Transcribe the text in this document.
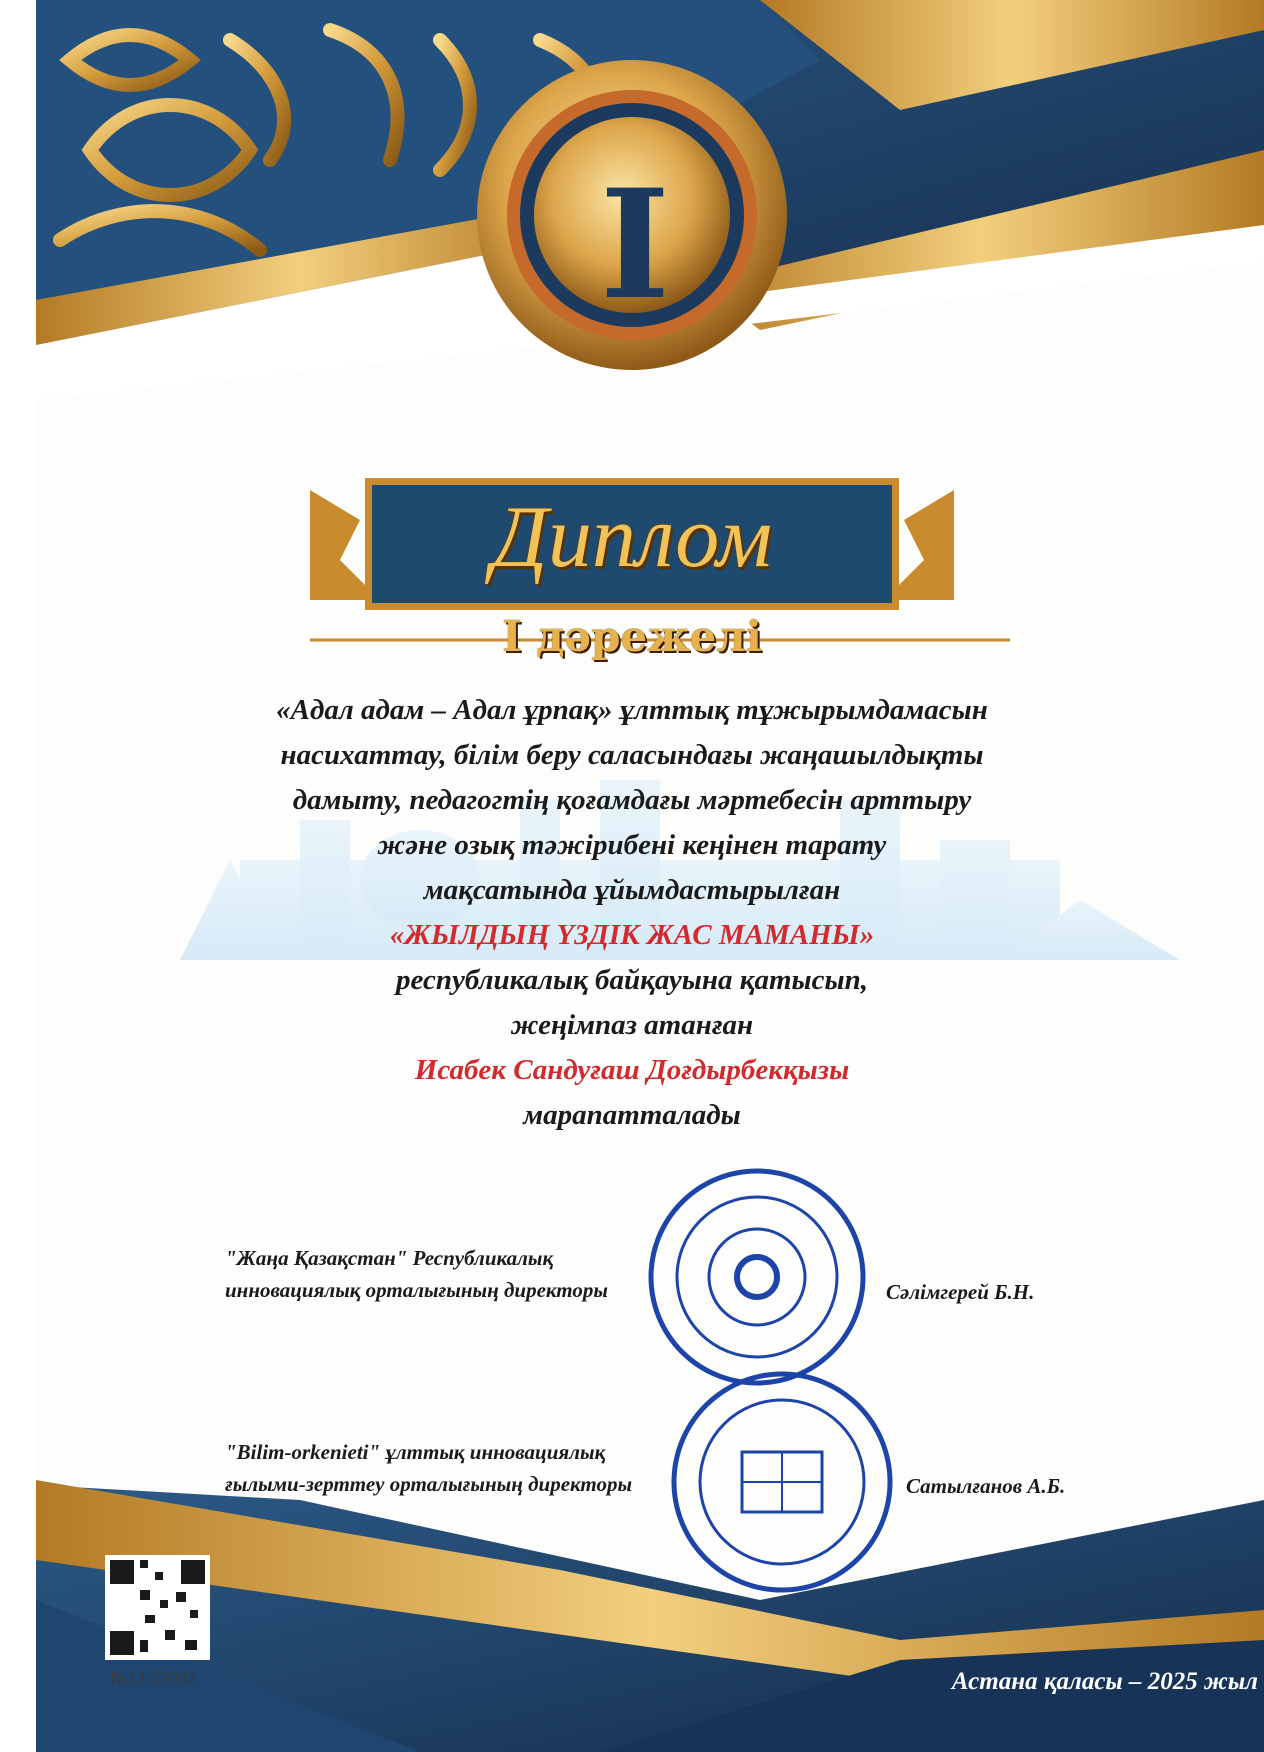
I
Диплом
I дәрежелі
«Адал адам – Адал ұрпақ» ұлттық тұжырымдамасын
насихаттау, білім беру саласындағы жаңашылдықты
дамыту, педагогтің қоғамдағы мәртебесін арттыру
және озық тәжірибені кеңінен тарату
мақсатында ұйымдастырылған
«ЖЫЛДЫҢ ҮЗДІК ЖАС МАМАНЫ»
республикалық байқауына қатысып,
жеңімпаз атанған
Исабек Сандуғаш Доғдырбекқызы
марапатталады
"Жаңа Қазақстан" Республикалық
инновациялық орталығының директоры	Сәлімгерей Б.Н.
"Bilim-orkenieti" ұлттық инновациялық
ғылыми-зерттеу орталығының директоры	Сатылғанов А.Б.
№12-25032	Астана қаласы – 2025 жыл
